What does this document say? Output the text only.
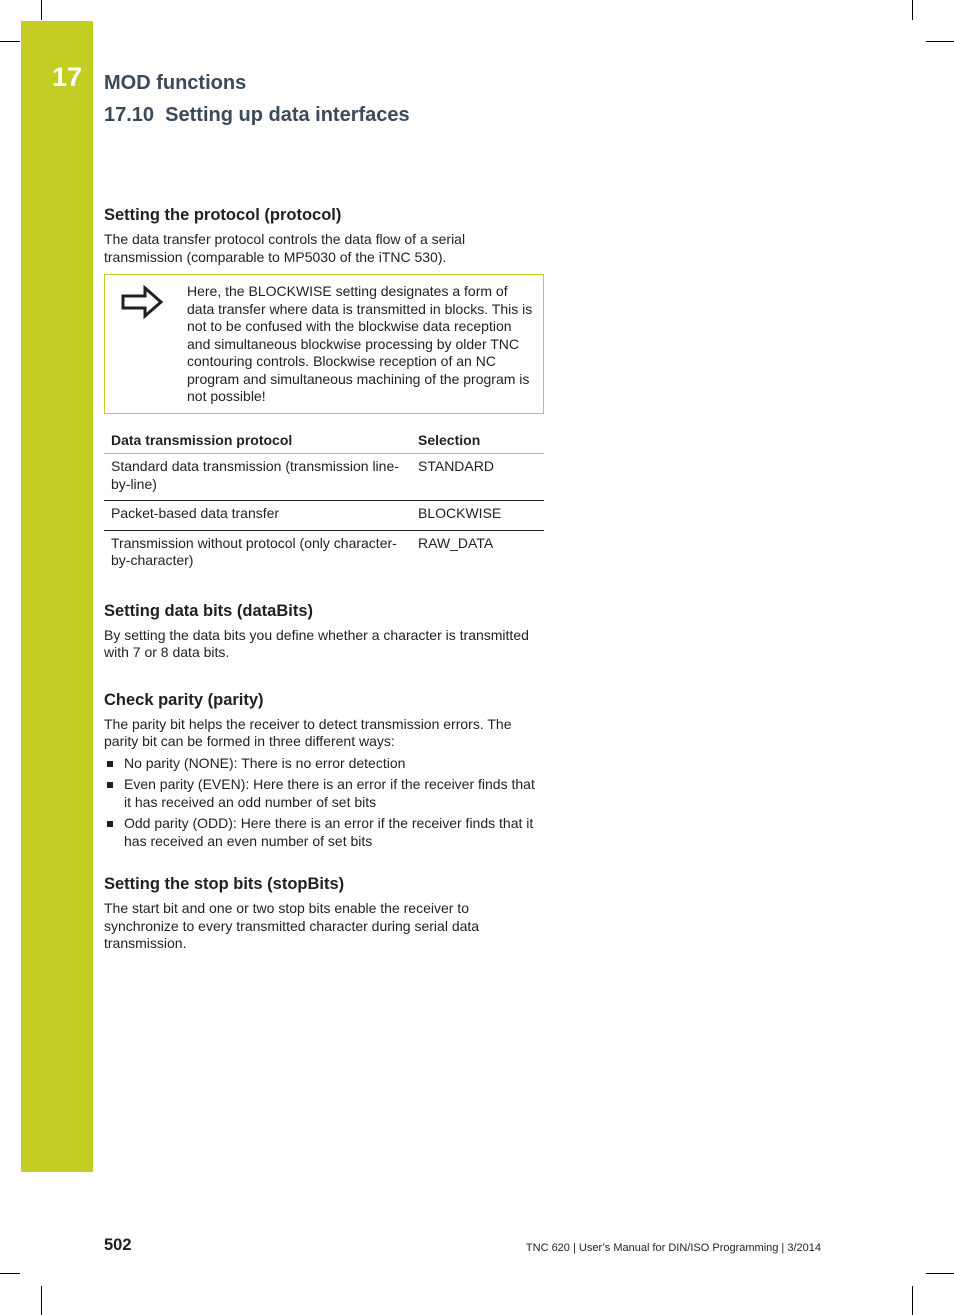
17 MOD functions
17.10  Setting up data interfaces
Setting the protocol (protocol)

The data transfer protocol controls the data flow of a serial transmission (comparable to MP5030 of the iTNC 530).

Here, the BLOCKWISE setting designates a form of data transfer where data is transmitted in blocks. This is not to be confused with the blockwise data reception and simultaneous blockwise processing by older TNC contouring controls. Blockwise reception of an NC program and simultaneous machining of the program is not possible!
Data transmission protocol	Selection
Standard data transmission (transmission line-by-line)	STANDARD
Packet-based data transfer	BLOCKWISE
Transmission without protocol (only character-by-character)	RAW_DATA
Setting data bits (dataBits)

By setting the data bits you define whether a character is transmitted with 7 or 8 data bits.

Check parity (parity)

The parity bit helps the receiver to detect transmission errors. The parity bit can be formed in three different ways:

No parity (NONE): There is no error detection
Even parity (EVEN): Here there is an error if the receiver finds that it has received an odd number of set bits
Odd parity (ODD): Here there is an error if the receiver finds that it has received an even number of set bits
Setting the stop bits (stopBits)

The start bit and one or two stop bits enable the receiver to synchronize to every transmitted character during serial data transmission.

502	TNC 620 | User’s Manual for DIN/ISO Programming | 3/2014
